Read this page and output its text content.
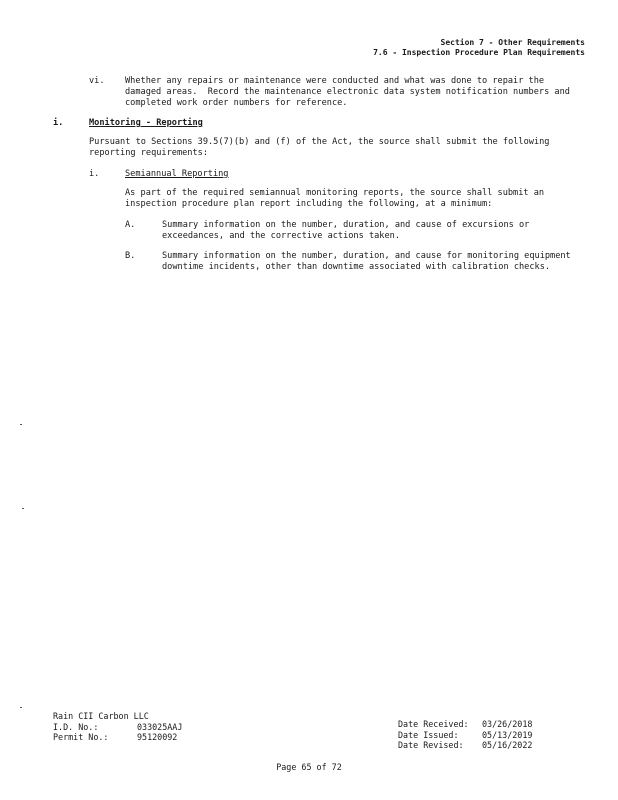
Section 7 - Other Requirements
7.6 - Inspection Procedure Plan Requirements
vi. Whether any repairs or maintenance were conducted and what was done to repair the damaged areas.  Record the maintenance electronic data system notification numbers and completed work order numbers for reference.
i.	Monitoring - Reporting
Pursuant to Sections 39.5(7)(b) and (f) of the Act, the source shall submit the following reporting requirements:
i.	Semiannual Reporting
As part of the required semiannual monitoring reports, the source shall submit an inspection procedure plan report including the following, at a minimum:
A.	Summary information on the number, duration, and cause of excursions or exceedances, and the corrective actions taken.
B.	Summary information on the number, duration, and cause for monitoring equipment downtime incidents, other than downtime associated with calibration checks.
Rain CII Carbon LLC
I.D. No.:	033025AAJ
Permit No.:	95120092
Date Received: 03/26/2018
Date Issued:	05/13/2019
Date Revised: 05/16/2022
Page 65 of 72
